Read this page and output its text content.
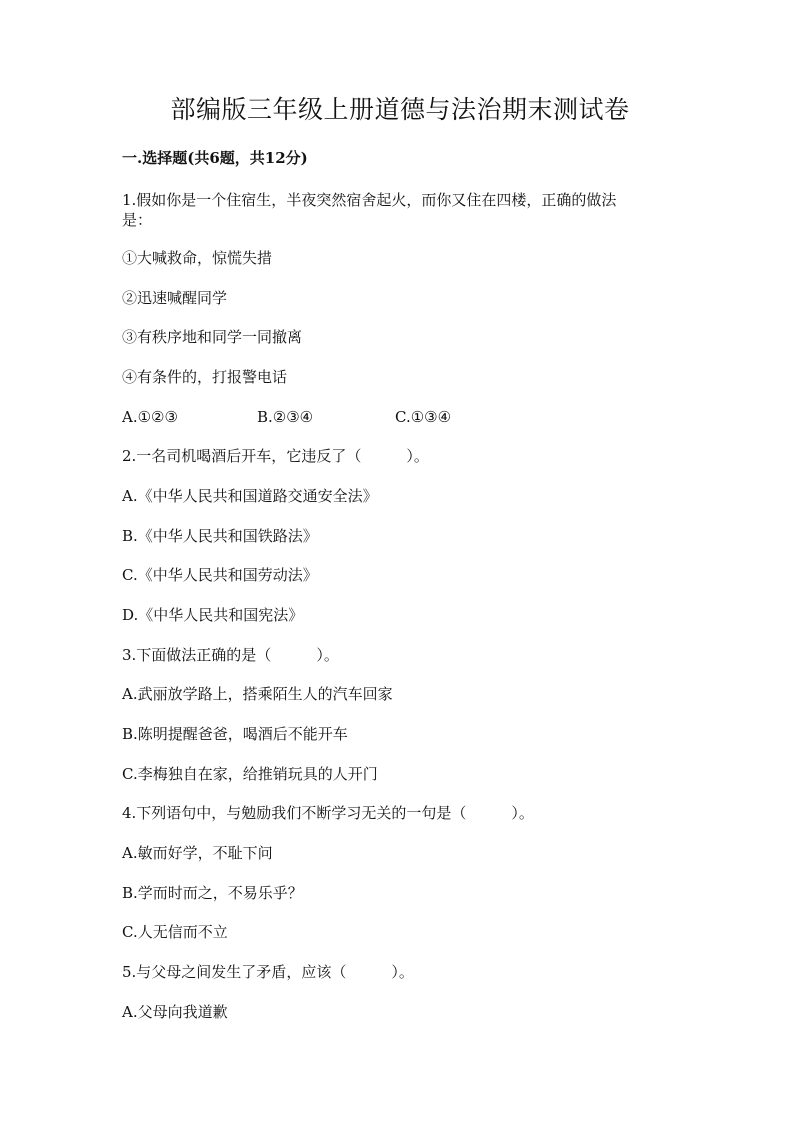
部编版三年级上册道德与法治期末测试卷

一.选择题(共6题，共12分)

1.假如你是一个住宿生，半夜突然宿舍起火，而你又住在四楼，正确的做法

是：

①大喊救命，惊慌失措

②迅速喊醒同学

③有秩序地和同学一同撤离

④有条件的，打报警电话

A.①②③	B.②③④	C.①③④

2.一名司机喝酒后开车，它违反了（　　　）。

A.《中华人民共和国道路交通安全法》

B.《中华人民共和国铁路法》

C.《中华人民共和国劳动法》

D.《中华人民共和国宪法》

3.下面做法正确的是（　　　）。

A.武丽放学路上，搭乘陌生人的汽车回家

B.陈明提醒爸爸，喝酒后不能开车

C.李梅独自在家，给推销玩具的人开门

4.下列语句中，与勉励我们不断学习无关的一句是（　　　）。

A.敏而好学，不耻下问

B.学而时而之，不易乐乎？

C.人无信而不立

5.与父母之间发生了矛盾，应该（　　　）。

A.父母向我道歉
